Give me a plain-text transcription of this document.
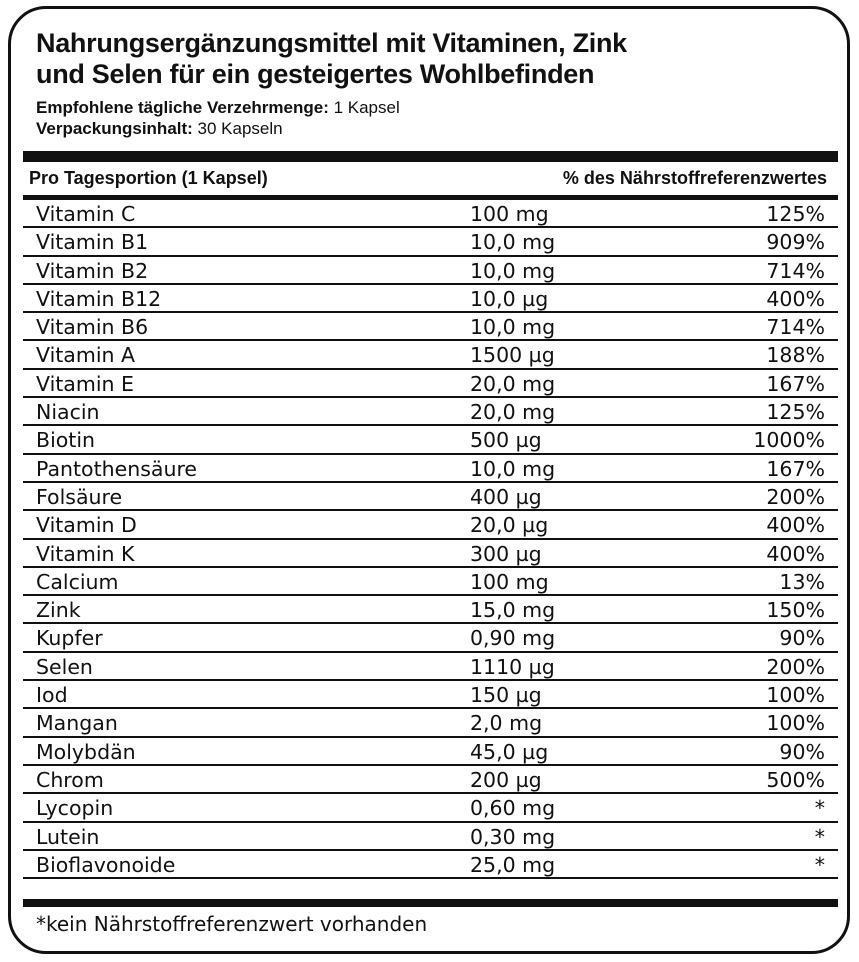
Nahrungsergänzungsmittel mit Vitaminen, Zink
und Selen für ein gesteigertes Wohlbefinden
Empfohlene tägliche Verzehrmenge: 1 Kapsel
Verpackungsinhalt: 30 Kapseln
Pro Tagesportion (1 Kapsel)	% des Nährstoffreferenzwertes
Vitamin C	100 mg	125%
Vitamin B1	10,0 mg	909%
Vitamin B2	10,0 mg	714%
Vitamin B12	10,0 µg	400%
Vitamin B6	10,0 mg	714%
Vitamin A	1500 µg	188%
Vitamin E	20,0 mg	167%
Niacin	20,0 mg	125%
Biotin	500 µg	1000%
Pantothensäure	10,0 mg	167%
Folsäure	400 µg	200%
Vitamin D	20,0 µg	400%
Vitamin K	300 µg	400%
Calcium	100 mg	13%
Zink	15,0 mg	150%
Kupfer	0,90 mg	90%
Selen	1110 µg	200%
Iod	150 µg	100%
Mangan	2,0 mg	100%
Molybdän	45,0 µg	90%
Chrom	200 µg	500%
Lycopin	0,60 mg	*
Lutein	0,30 mg	*
Bioflavonoide	25,0 mg	*
*kein Nährstoffreferenzwert vorhanden
